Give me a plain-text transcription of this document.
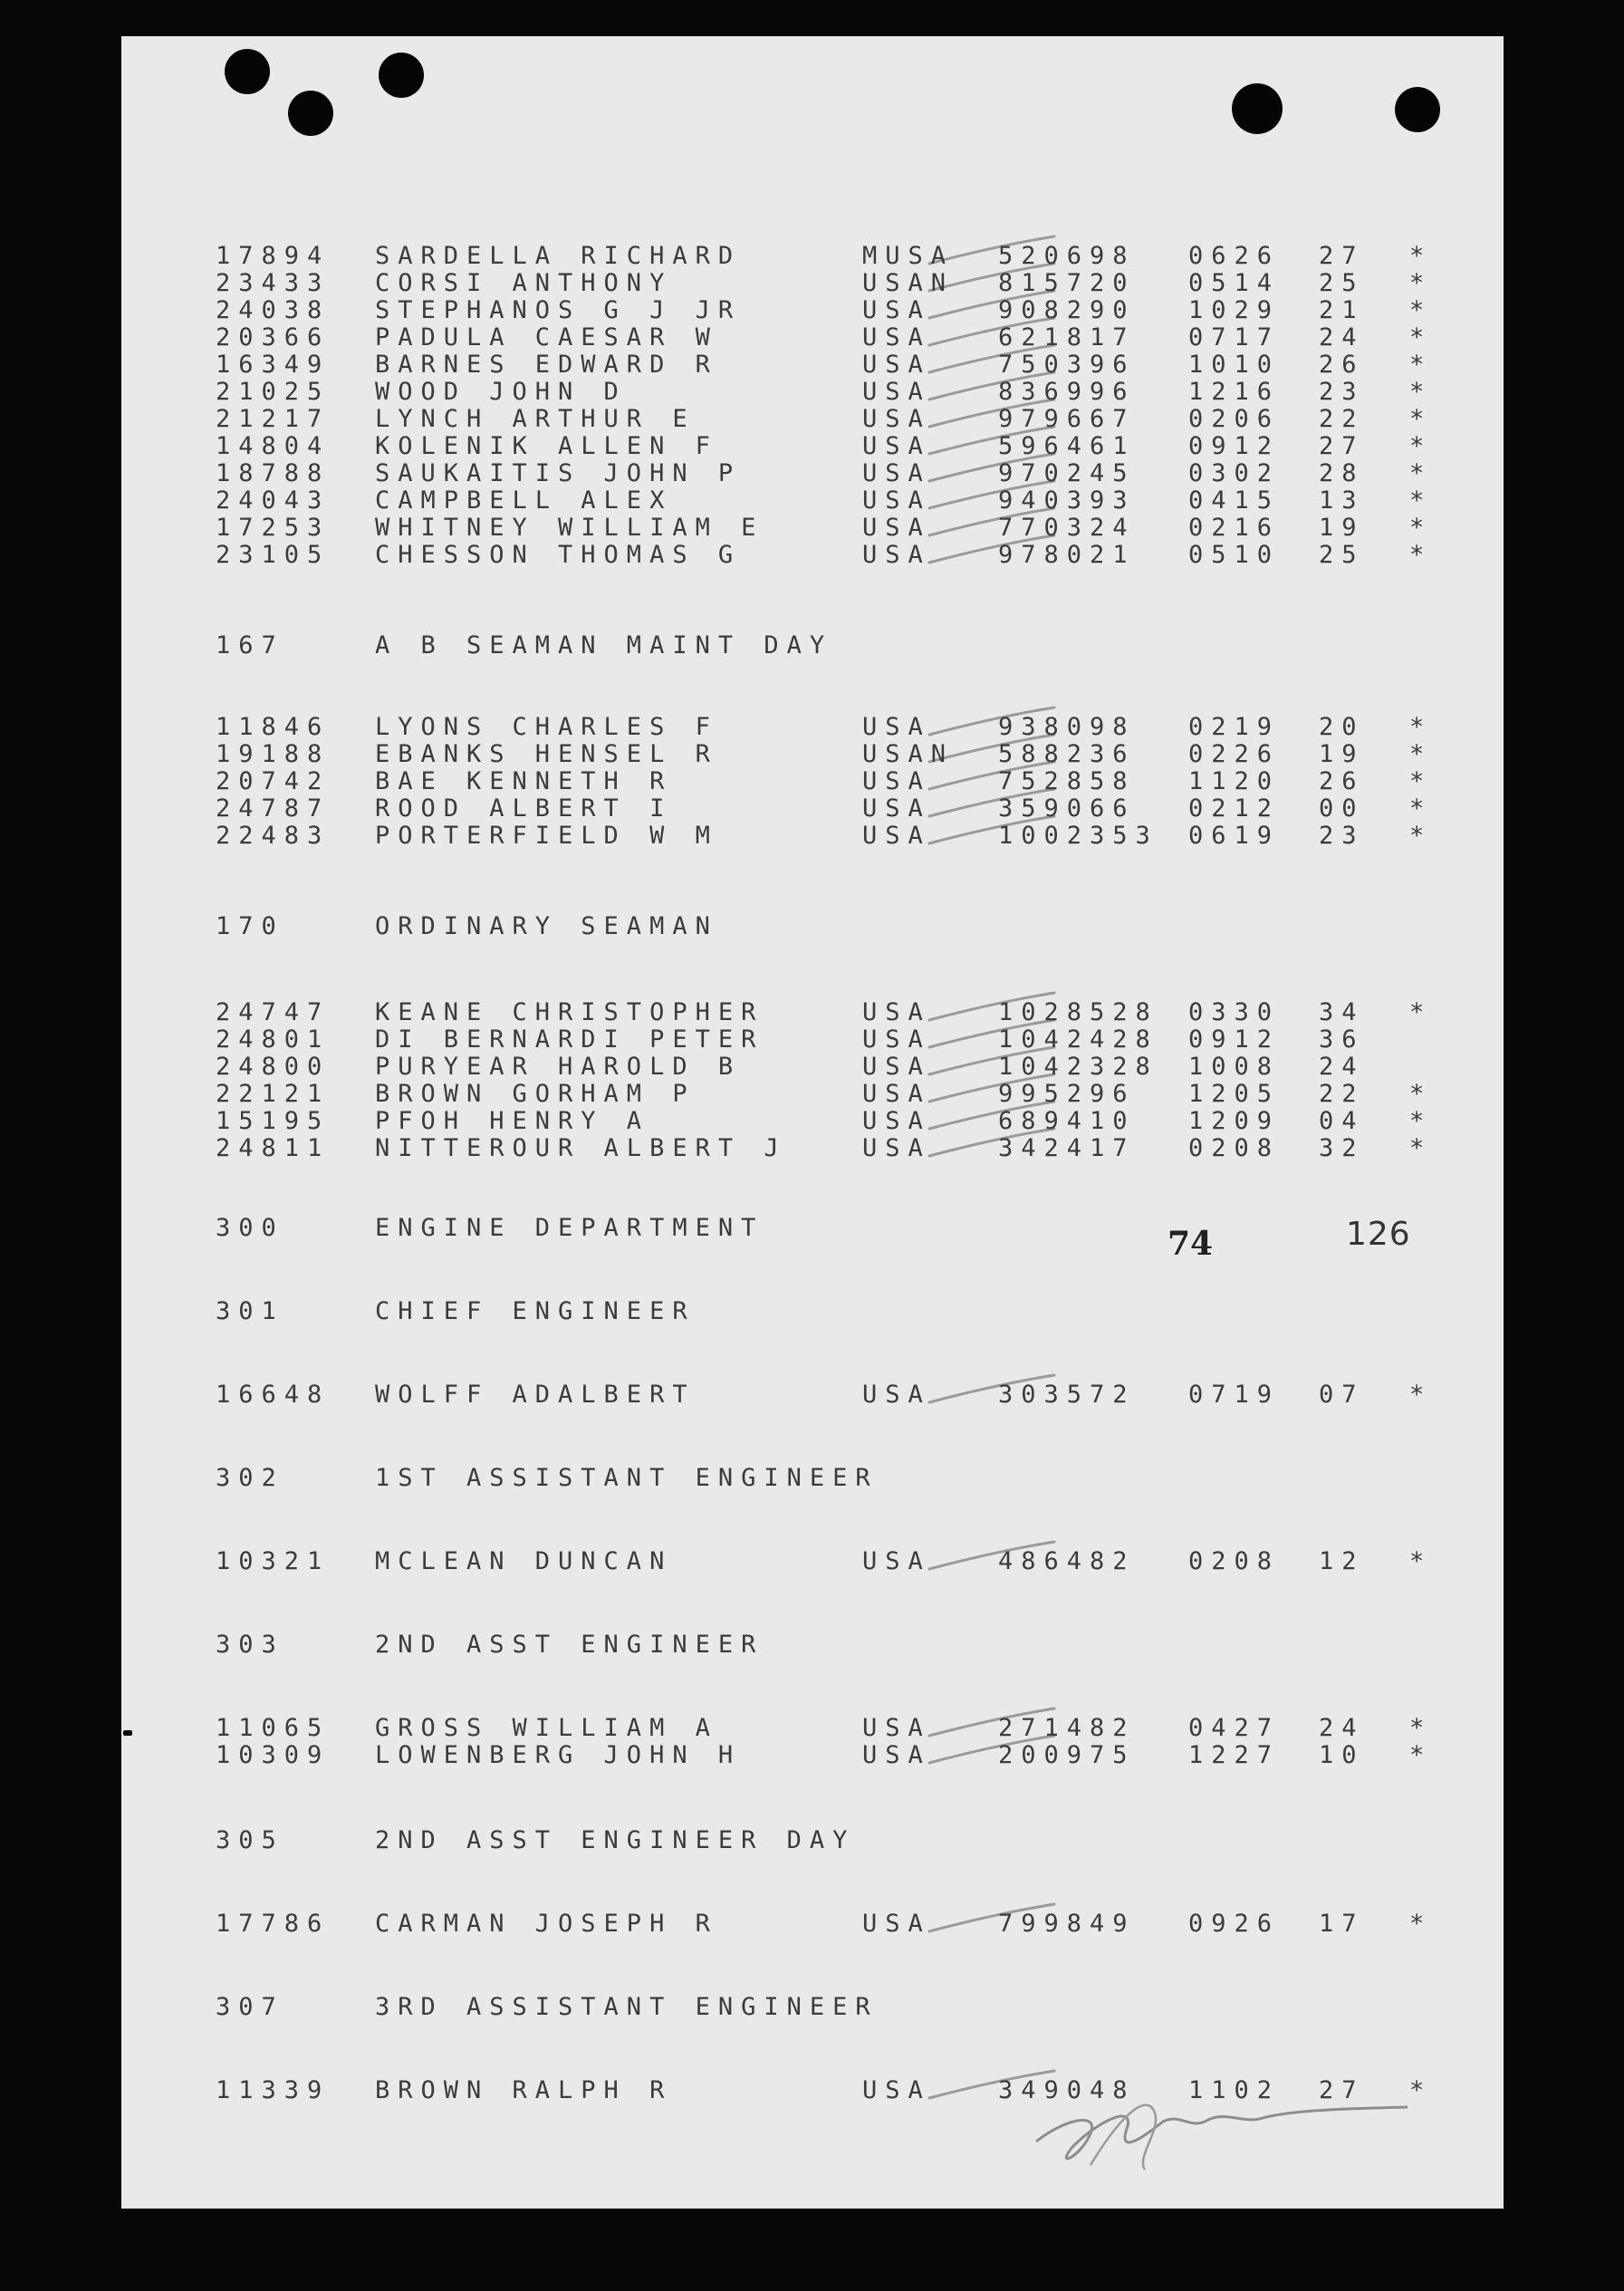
17894 SARDELLA RICHARD	MUSA 520698 0626 27 *
23433 CORSI ANTHONY	USAN 815720 0514 25 *
24038 STEPHANOS G J JR	USA	908290 1029 21 *
20366 PADULA CAESAR W	USA	621817 0717 24 *
16349 BARNES EDWARD R	USA	750396 1010 26 *
21025 WOOD JOHN D	USA	836996 1216 23 *
21217 LYNCH ARTHUR E	USA	979667 0206 22 *
14804 KOLENIK ALLEN F	USA	596461 0912 27 *
18788 SAUKAITIS JOHN P	USA	970245 0302 28 *
24043 CAMPBELL ALEX	USA	940393 0415 13 *
17253 WHITNEY WILLIAM E	USA	770324 0216 19 *
23105 CHESSON THOMAS G	USA	978021 0510 25 *
167	A B SEAMAN MAINT DAY
11846 LYONS CHARLES F	USA	938098 0219 20 *
19188 EBANKS HENSEL R	USAN 588236 0226 19 *
20742 BAE KENNETH R	USA	752858 1120 26 *
24787 ROOD ALBERT I	USA	359066 0212 00 *
22483 PORTERFIELD W M	USA	1002353 0619 23 *
170	ORDINARY SEAMAN
24747 KEANE CHRISTOPHER	USA	1028528 0330 34 *
24801 DI BERNARDI PETER	USA	1042428 0912 36
24800 PURYEAR HAROLD B	USA	1042328 1008 24
22121 BROWN GORHAM P	USA	995296 1205 22 *
15195 PFOH HENRY A	USA	689410 1209 04 *
24811 NITTEROUR ALBERT J	USA	342417 0208 32 *
300	ENGINE DEPARTMENT
301	CHIEF ENGINEER
16648 WOLFF ADALBERT	USA	303572 0719 07 *
302	1ST ASSISTANT ENGINEER
10321 MCLEAN DUNCAN	USA	486482 0208 12 *
303	2ND ASST ENGINEER
11065 GROSS WILLIAM A	USA	271482 0427 24 *
10309 LOWENBERG JOHN H	USA	200975 1227 10 *
305	2ND ASST ENGINEER DAY
17786 CARMAN JOSEPH R	USA	799849 0926 17 *
307	3RD ASSISTANT ENGINEER
11339 BROWN RALPH R	USA	349048 1102 27 *
74	126
